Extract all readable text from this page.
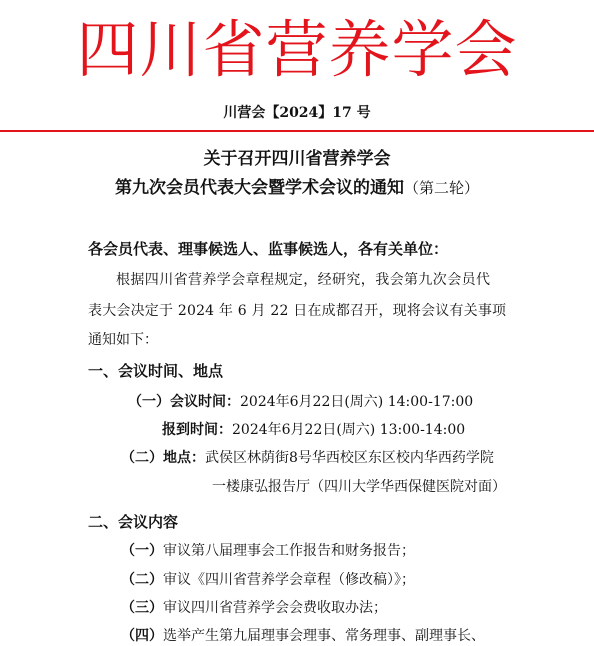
四川省营养学会
川营会【2024】17 号
关于召开四川省营养学会
第九次会员代表大会暨学术会议的通知（第二轮）
各会员代表、理事候选人、监事候选人，各有关单位：
根据四川省营养学会章程规定，经研究，我会第九次会员代
表大会决定于 2024 年 6 月 22 日在成都召开，现将会议有关事项
通知如下：
一、会议时间、地点
（一）会议时间：2024年6月22日(周六) 14:00-17:00
报到时间：2024年6月22日(周六) 13:00-14:00
（二）地点：武侯区林荫街8号华西校区东区校内华西药学院
一楼康弘报告厅（四川大学华西保健医院对面）
二、会议内容
（一）审议第八届理事会工作报告和财务报告；
（二）审议《四川省营养学会章程（修改稿）》；
（三）审议四川省营养学会会费收取办法；
（四）选举产生第九届理事会理事、常务理事、副理事长、
